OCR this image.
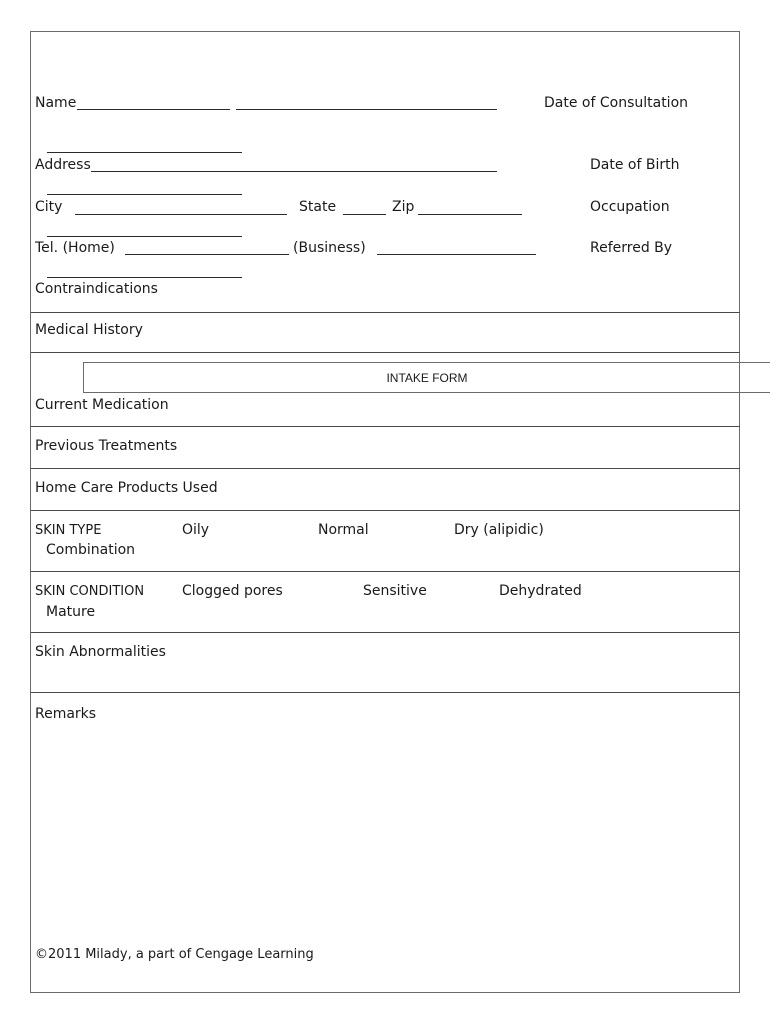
Name	Date of Consultation
Address	Date of Birth
City	State	Zip	Occupation
Tel. (Home)	(Business)	Referred By
Contraindications
Medical History
Current Medication
Previous Treatments
Home Care Products Used
SKIN TYPE	Oily	Normal	Dry (alipidic)
Combination
SKIN CONDITION	Clogged pores	Sensitive	Dehydrated
Mature
Skin Abnormalities
Remarks
©2011 Milady, a part of Cengage Learning
INTAKE FORM
